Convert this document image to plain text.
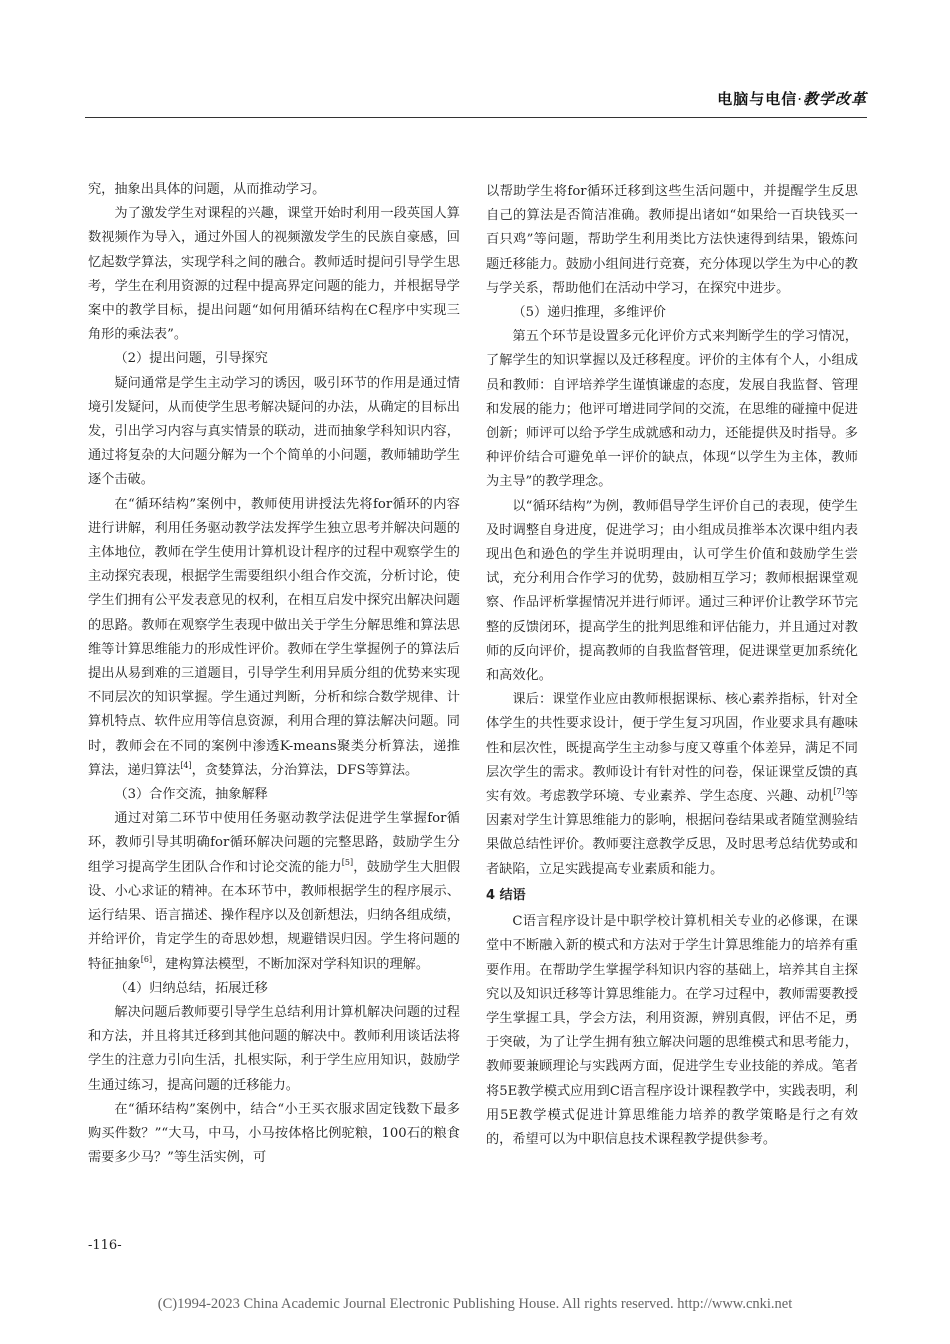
电脑与电信·教学改革

究，抽象出具体的问题，从而推动学习。

为了激发学生对课程的兴趣，课堂开始时利用一段英国人算数视频作为导入，通过外国人的视频激发学生的民族自豪感，回忆起数学算法，实现学科之间的融合。教师适时提问引导学生思考，学生在利用资源的过程中提高界定问题的能力，并根据导学案中的教学目标，提出问题“如何用循环结构在C程序中实现三角形的乘法表”。

（2）提出问题，引导探究

疑问通常是学生主动学习的诱因，吸引环节的作用是通过情境引发疑问，从而使学生思考解决疑问的办法，从确定的目标出发，引出学习内容与真实情景的联动，进而抽象学科知识内容，通过将复杂的大问题分解为一个个简单的小问题，教师辅助学生逐个击破。

在“循环结构”案例中，教师使用讲授法先将for循环的内容进行讲解，利用任务驱动教学法发挥学生独立思考并解决问题的主体地位，教师在学生使用计算机设计程序的过程中观察学生的主动探究表现，根据学生需要组织小组合作交流，分析讨论，使学生们拥有公平发表意见的权利，在相互启发中探究出解决问题的思路。教师在观察学生表现中做出关于学生分解思维和算法思维等计算思维能力的形成性评价。教师在学生掌握例子的算法后提出从易到难的三道题目，引导学生利用异质分组的优势来实现不同层次的知识掌握。学生通过判断，分析和综合数学规律、计算机特点、软件应用等信息资源，利用合理的算法解决问题。同时，教师会在不同的案例中渗透K-means聚类分析算法，递推算法，递归算法[4]，贪婪算法，分治算法，DFS等算法。

（3）合作交流，抽象解释

通过对第二环节中使用任务驱动教学法促进学生掌握for循环，教师引导其明确for循环解决问题的完整思路，鼓励学生分组学习提高学生团队合作和讨论交流的能力[5]，鼓励学生大胆假设、小心求证的精神。在本环节中，教师根据学生的程序展示、运行结果、语言描述、操作程序以及创新想法，归纳各组成绩，并给评价，肯定学生的奇思妙想，规避错误归因。学生将问题的特征抽象[6]，建构算法模型，不断加深对学科知识的理解。

（4）归纳总结，拓展迁移

解决问题后教师要引导学生总结利用计算机解决问题的过程和方法，并且将其迁移到其他问题的解决中。教师利用谈话法将学生的注意力引向生活，扎根实际，利于学生应用知识，鼓励学生通过练习，提高问题的迁移能力。

在“循环结构”案例中，结合“小王买衣服求固定钱数下最多购买件数？”“大马，中马，小马按体格比例驼粮，100石的粮食需要多少马？”等生活实例，可

以帮助学生将for循环迁移到这些生活问题中，并提醒学生反思自己的算法是否简洁准确。教师提出诸如“如果给一百块钱买一百只鸡”等问题，帮助学生利用类比方法快速得到结果，锻炼问题迁移能力。鼓励小组间进行竞赛，充分体现以学生为中心的教与学关系，帮助他们在活动中学习，在探究中进步。

（5）递归推理，多维评价

第五个环节是设置多元化评价方式来判断学生的学习情况，了解学生的知识掌握以及迁移程度。评价的主体有个人，小组成员和教师：自评培养学生谨慎谦虚的态度，发展自我监督、管理和发展的能力；他评可增进同学间的交流，在思维的碰撞中促进创新；师评可以给予学生成就感和动力，还能提供及时指导。多种评价结合可避免单一评价的缺点，体现“以学生为主体，教师为主导”的教学理念。

以“循环结构”为例，教师倡导学生评价自己的表现，使学生及时调整自身进度，促进学习；由小组成员推举本次课中组内表现出色和逊色的学生并说明理由，认可学生价值和鼓励学生尝试，充分利用合作学习的优势，鼓励相互学习；教师根据课堂观察、作品评析掌握情况并进行师评。通过三种评价让教学环节完整的反馈闭环，提高学生的批判思维和评估能力，并且通过对教师的反向评价，提高教师的自我监督管理，促进课堂更加系统化和高效化。

课后：课堂作业应由教师根据课标、核心素养指标，针对全体学生的共性要求设计，便于学生复习巩固，作业要求具有趣味性和层次性，既提高学生主动参与度又尊重个体差异，满足不同层次学生的需求。教师设计有针对性的问卷，保证课堂反馈的真实有效。考虑教学环境、专业素养、学生态度、兴趣、动机[7]等因素对学生计算思维能力的影响，根据问卷结果或者随堂测验结果做总结性评价。教师要注意教学反思，及时思考总结优势或和者缺陷，立足实践提高专业素质和能力。

4 结语

C语言程序设计是中职学校计算机相关专业的必修课，在课堂中不断融入新的模式和方法对于学生计算思维能力的培养有重要作用。在帮助学生掌握学科知识内容的基础上，培养其自主探究以及知识迁移等计算思维能力。在学习过程中，教师需要教授学生掌握工具，学会方法，利用资源，辨别真假，评估不足，勇于突破，为了让学生拥有独立解决问题的思维模式和思考能力，教师要兼顾理论与实践两方面，促进学生专业技能的养成。笔者将5E教学模式应用到C语言程序设计课程教学中，实践表明，利用5E教学模式促进计算思维能力培养的教学策略是行之有效的，希望可以为中职信息技术课程教学提供参考。

-116-
(C)1994-2023 China Academic Journal Electronic Publishing House. All rights reserved. http://www.cnki.net
